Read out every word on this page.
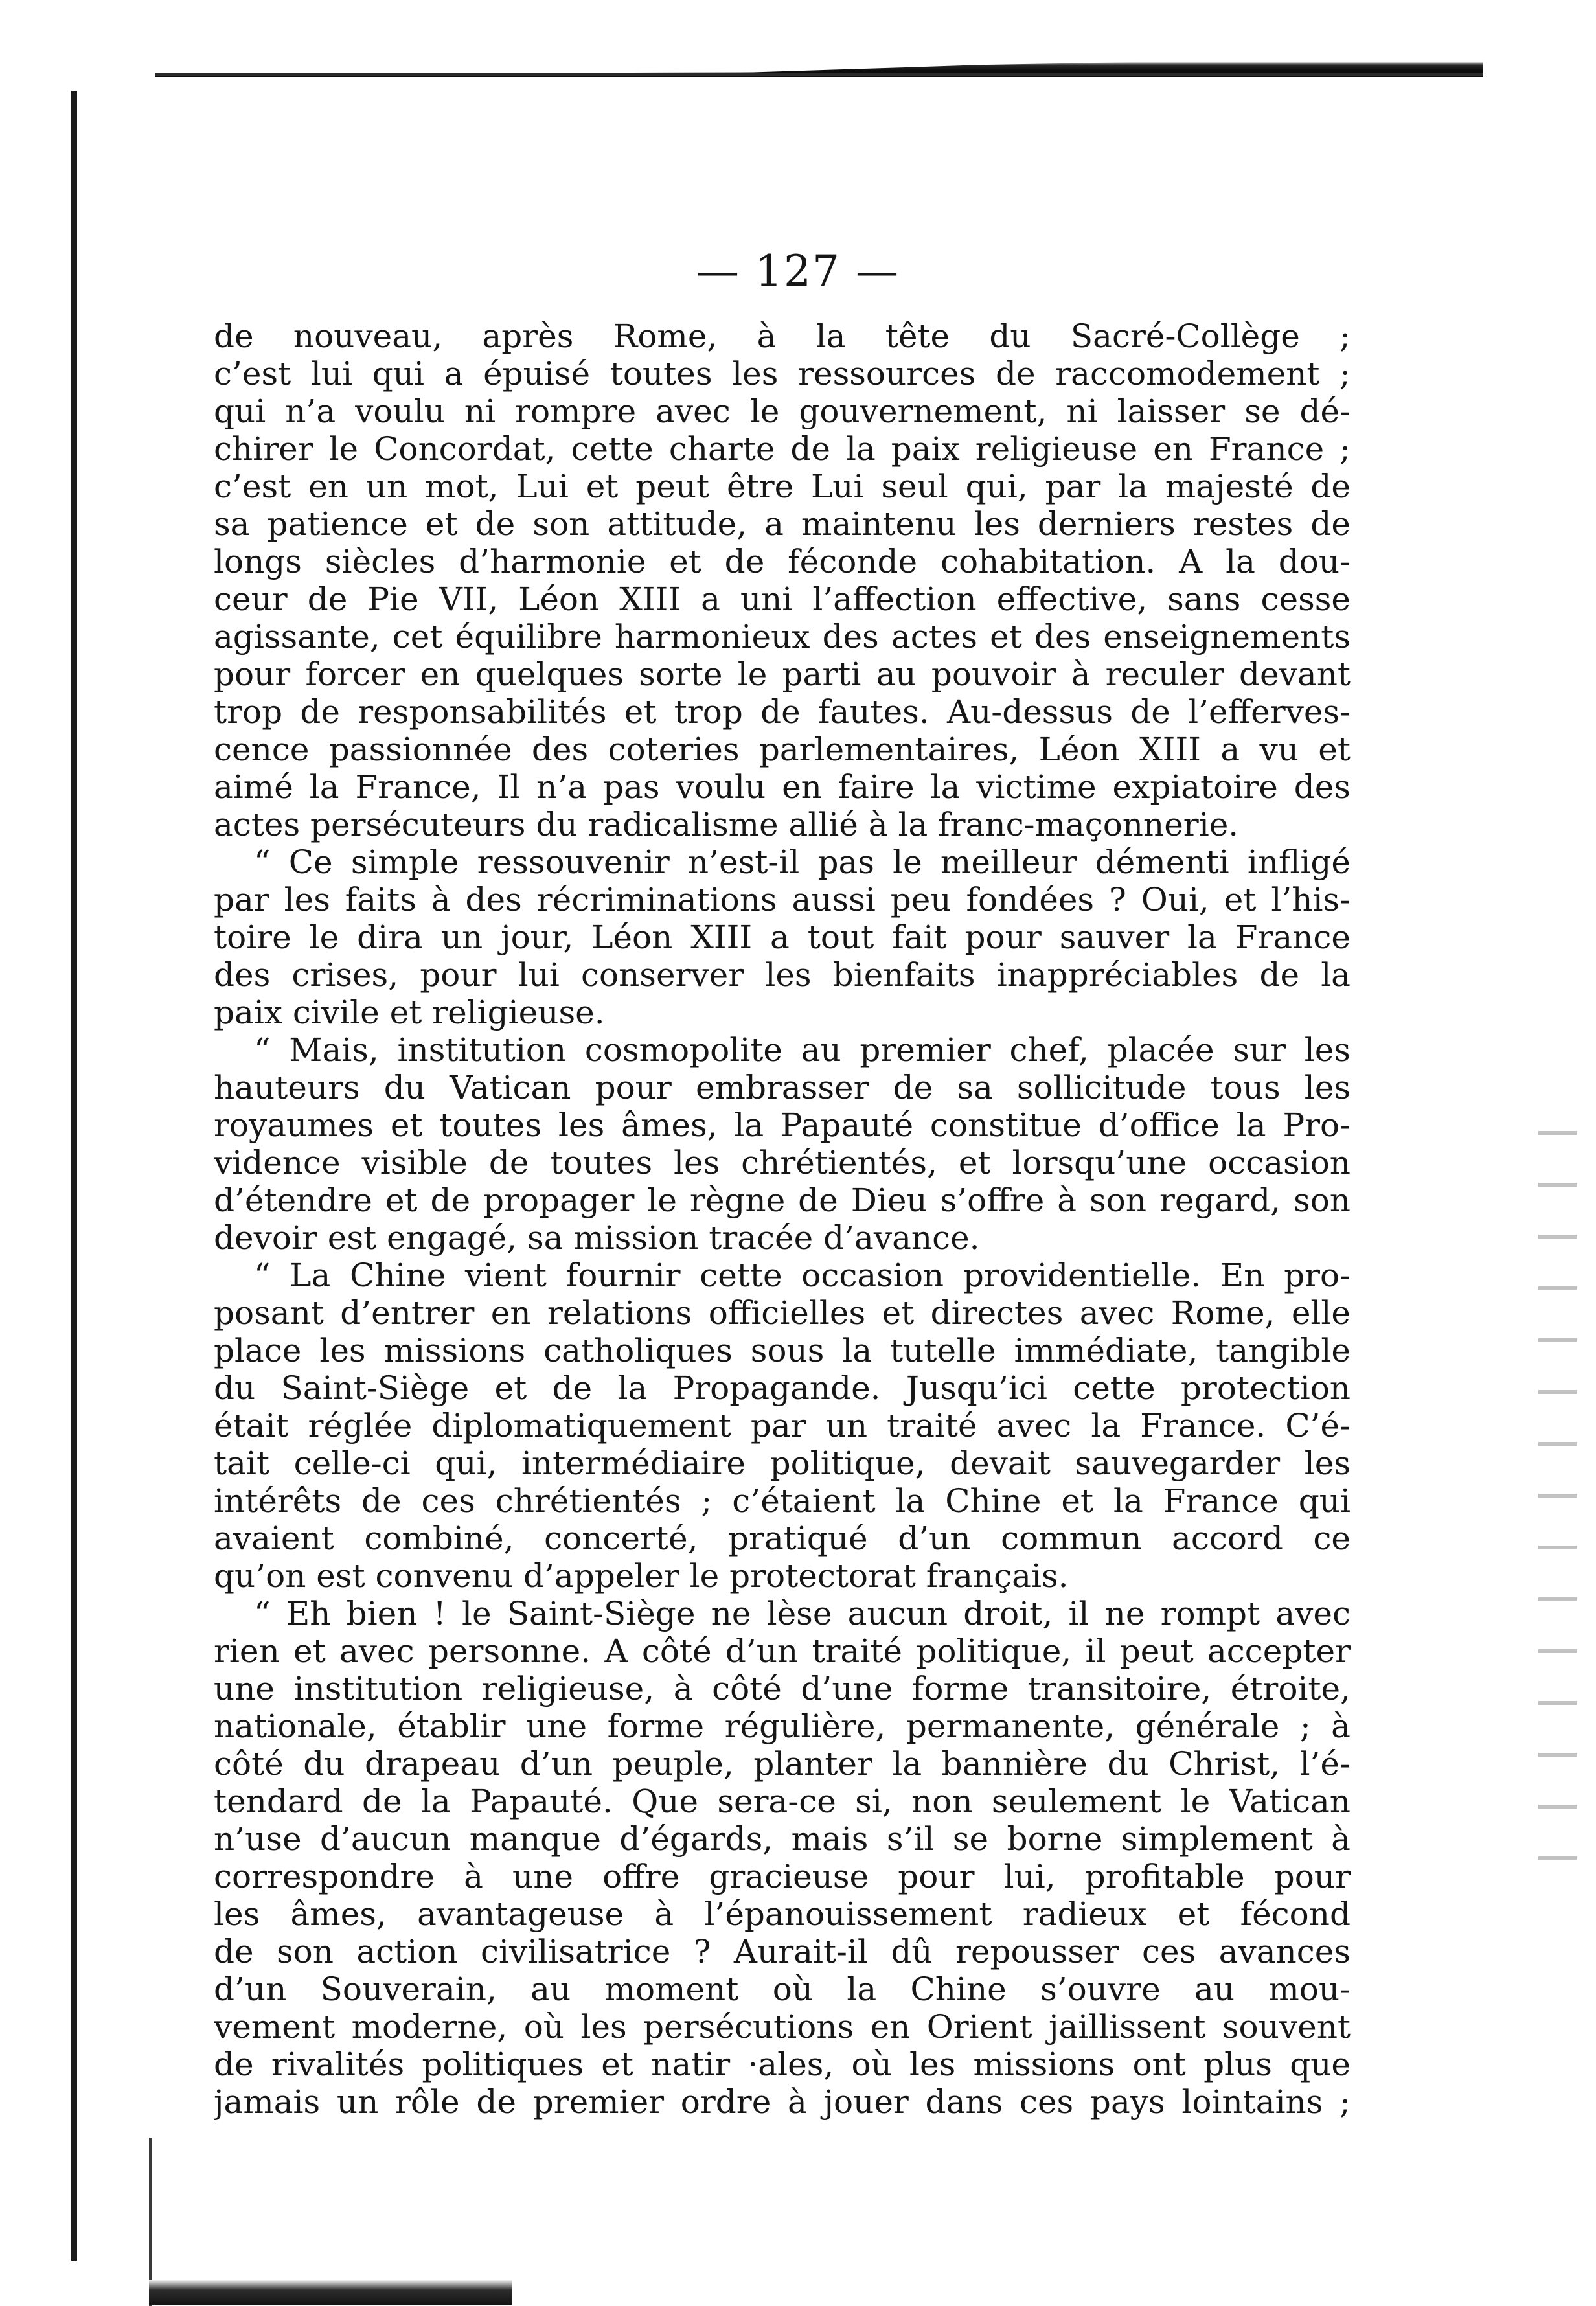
— 127 —
de nouveau, après Rome, à la tête du Sacré-Collège ;
c’est lui qui a épuisé toutes les ressources de raccomodement ;
qui n’a voulu ni rompre avec le gouvernement, ni laisser se dé-
chirer le Concordat, cette charte de la paix religieuse en France ;
c’est en un mot, Lui et peut être Lui seul qui, par la majesté de
sa patience et de son attitude, a maintenu les derniers restes de
longs siècles d’harmonie et de féconde cohabitation. A la dou-
ceur de Pie VII, Léon XIII a uni l’affection effective, sans cesse
agissante, cet équilibre harmonieux des actes et des enseignements
pour forcer en quelques sorte le parti au pouvoir à reculer devant
trop de responsabilités et trop de fautes. Au-dessus de l’efferves-
cence passionnée des coteries parlementaires, Léon XIII a vu et
aimé la France, Il n’a pas voulu en faire la victime expiatoire des
actes persécuteurs du radicalisme allié à la franc-maçonnerie.
“ Ce simple ressouvenir n’est-il pas le meilleur démenti infligé
par les faits à des récriminations aussi peu fondées ? Oui, et l’his-
toire le dira un jour, Léon XIII a tout fait pour sauver la France
des crises, pour lui conserver les bienfaits inappréciables de la
paix civile et religieuse.
“ Mais, institution cosmopolite au premier chef, placée sur les
hauteurs du Vatican pour embrasser de sa sollicitude tous les
royaumes et toutes les âmes, la Papauté constitue d’office la Pro-
vidence visible de toutes les chrétientés, et lorsqu’une occasion
d’étendre et de propager le règne de Dieu s’offre à son regard, son
devoir est engagé, sa mission tracée d’avance.
“ La Chine vient fournir cette occasion providentielle. En pro-
posant d’entrer en relations officielles et directes avec Rome, elle
place les missions catholiques sous la tutelle immédiate, tangible
du Saint-Siège et de la Propagande. Jusqu’ici cette protection
était réglée diplomatiquement par un traité avec la France. C’é-
tait celle-ci qui, intermédiaire politique, devait sauvegarder les
intérêts de ces chrétientés ; c’étaient la Chine et la France qui
avaient combiné, concerté, pratiqué d’un commun accord ce
qu’on est convenu d’appeler le protectorat français.
“ Eh bien ! le Saint-Siège ne lèse aucun droit, il ne rompt avec
rien et avec personne. A côté d’un traité politique, il peut accepter
une institution religieuse, à côté d’une forme transitoire, étroite,
nationale, établir une forme régulière, permanente, générale ; à
côté du drapeau d’un peuple, planter la bannière du Christ, l’é-
tendard de la Papauté. Que sera-ce si, non seulement le Vatican
n’use d’aucun manque d’égards, mais s’il se borne simplement à
correspondre à une offre gracieuse pour lui, profitable pour
les âmes, avantageuse à l’épanouissement radieux et fécond
de son action civilisatrice ? Aurait-il dû repousser ces avances
d’un Souverain, au moment où la Chine s’ouvre au mou-
vement moderne, où les persécutions en Orient jaillissent souvent
de rivalités politiques et natir ·ales, où les missions ont plus que
jamais un rôle de premier ordre à jouer dans ces pays lointains ;
